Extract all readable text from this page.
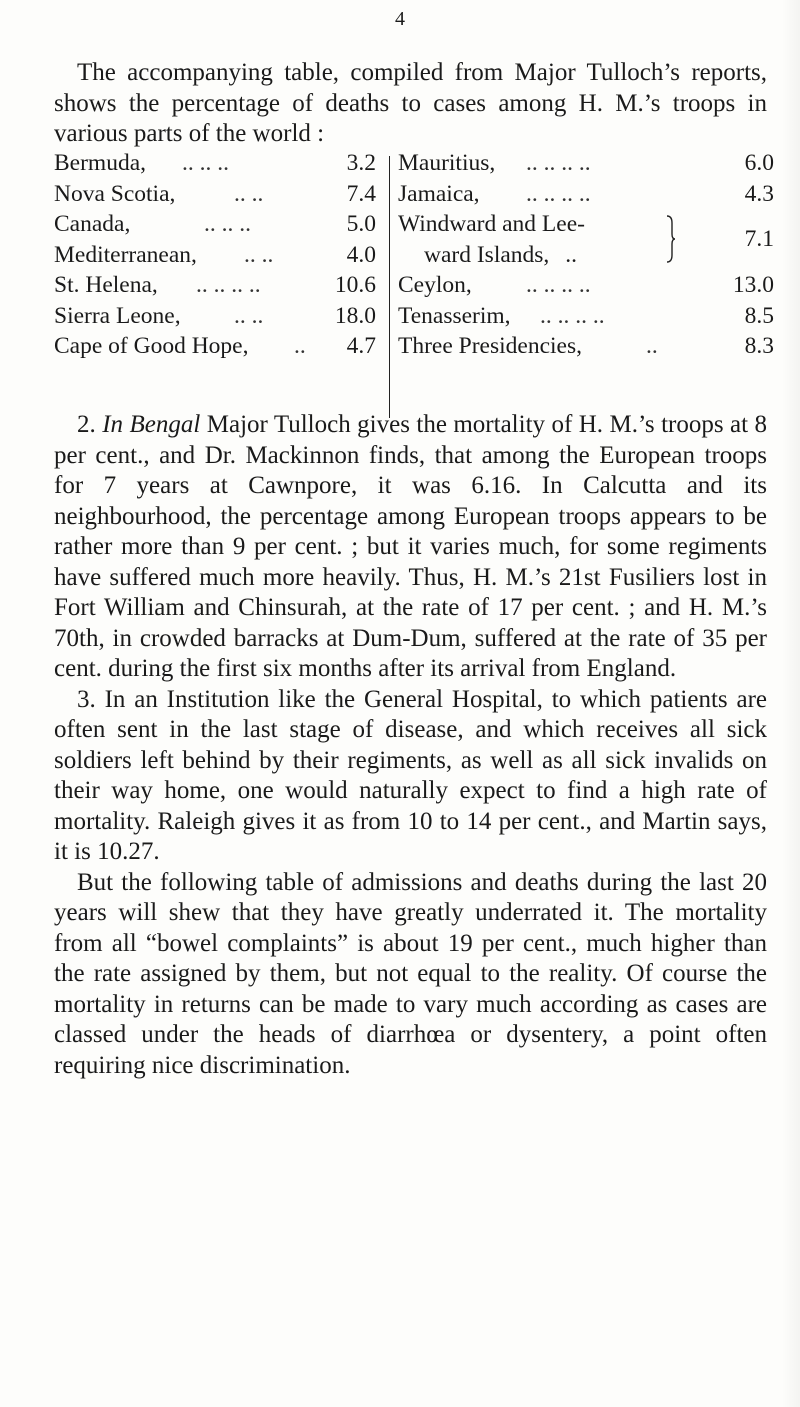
4

The accompanying table, compiled from Major Tulloch’s reports, shows the percentage of deaths to cases among H. M.’s troops in various parts of the world :

Bermuda, .. .. ..	3.2
Nova Scotia, .. ..	7.4
Canada,	.. .. ..	5.0
Mediterranean, .. ..	4.0
St. Helena, .. .. .. ..	10.6
Sierra Leone, .. ..	18.0
Cape of Good Hope, .. 4.7
Mauritius, .. .. .. ..	6.0
Jamaica, .. .. .. ..	4.3
Windward and Lee-
ward Islands, ..
7.1
Ceylon, .. .. .. ..	13.0
Tenasserim, .. .. .. ..	8.5
Three Presidencies,	..	8.3

2. In Bengal Major Tulloch gives the mortality of H. M.’s troops at 8 per cent., and Dr. Mackinnon finds, that among the European troops for 7 years at Cawnpore, it was 6.16. In Calcutta and its neighbourhood, the percentage among European troops appears to be rather more than 9 per cent. ; but it varies much, for some regiments have suffered much more heavily. Thus, H. M.’s 21st Fusiliers lost in Fort William and Chinsurah, at the rate of 17 per cent. ; and H. M.’s 70th, in crowded barracks at Dum-Dum, suffered at the rate of 35 per cent. during the first six months after its arrival from England.

3. In an Institution like the General Hospital, to which patients are often sent in the last stage of disease, and which receives all sick soldiers left behind by their regiments, as well as all sick invalids on their way home, one would naturally expect to find a high rate of mortality. Raleigh gives it as from 10 to 14 per cent., and Martin says, it is 10.27.

But the following table of admissions and deaths during the last 20 years will shew that they have greatly underrated it. The mortality from all “bowel complaints” is about 19 per cent., much higher than the rate assigned by them, but not equal to the reality. Of course the mortality in returns can be made to vary much according as cases are classed under the heads of diarrhœa or dysentery, a point often requiring nice discrimination.
